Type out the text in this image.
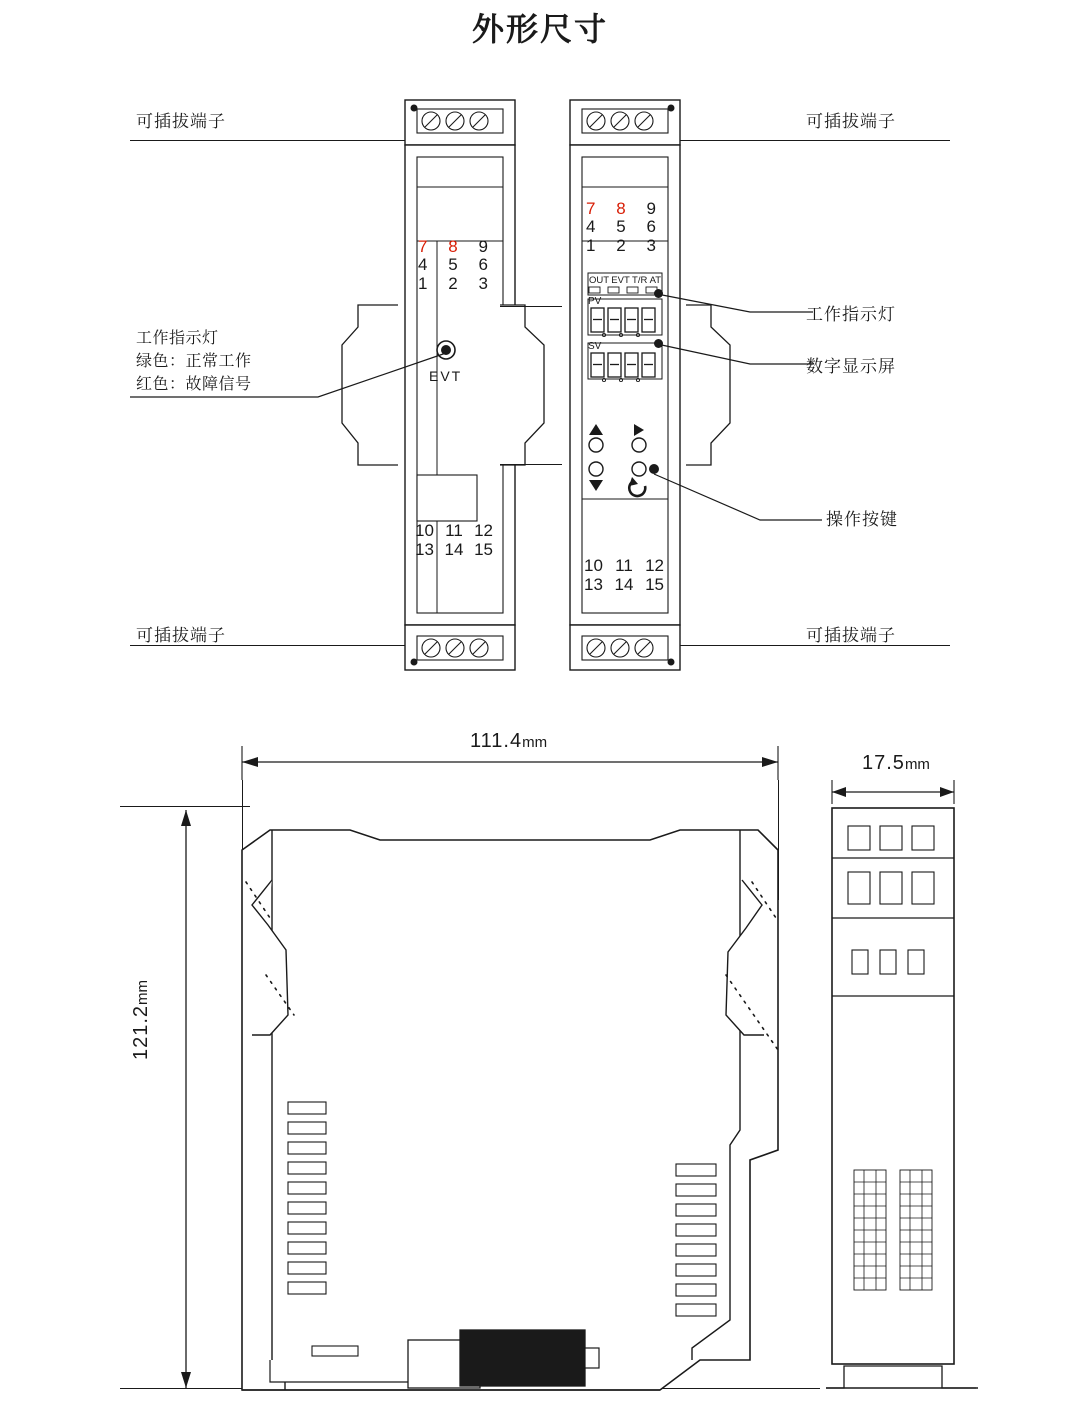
外形尺寸
可插拔端子	可插拔端子
可插拔端子	可插拔端子
7 8 9
4 5 6
1 2 3
EVT
10 11 12
13 14 15
7 8 9
4 5 6
1 2 3
OUT EVT T/R AT
PV
SV
10 11 12
13 14 15
工作指示灯
绿色：正常工作
红色：故障信号
工作指示灯
数字显示屏
操作按键
111.4mm
121.2mm
17.5mm
